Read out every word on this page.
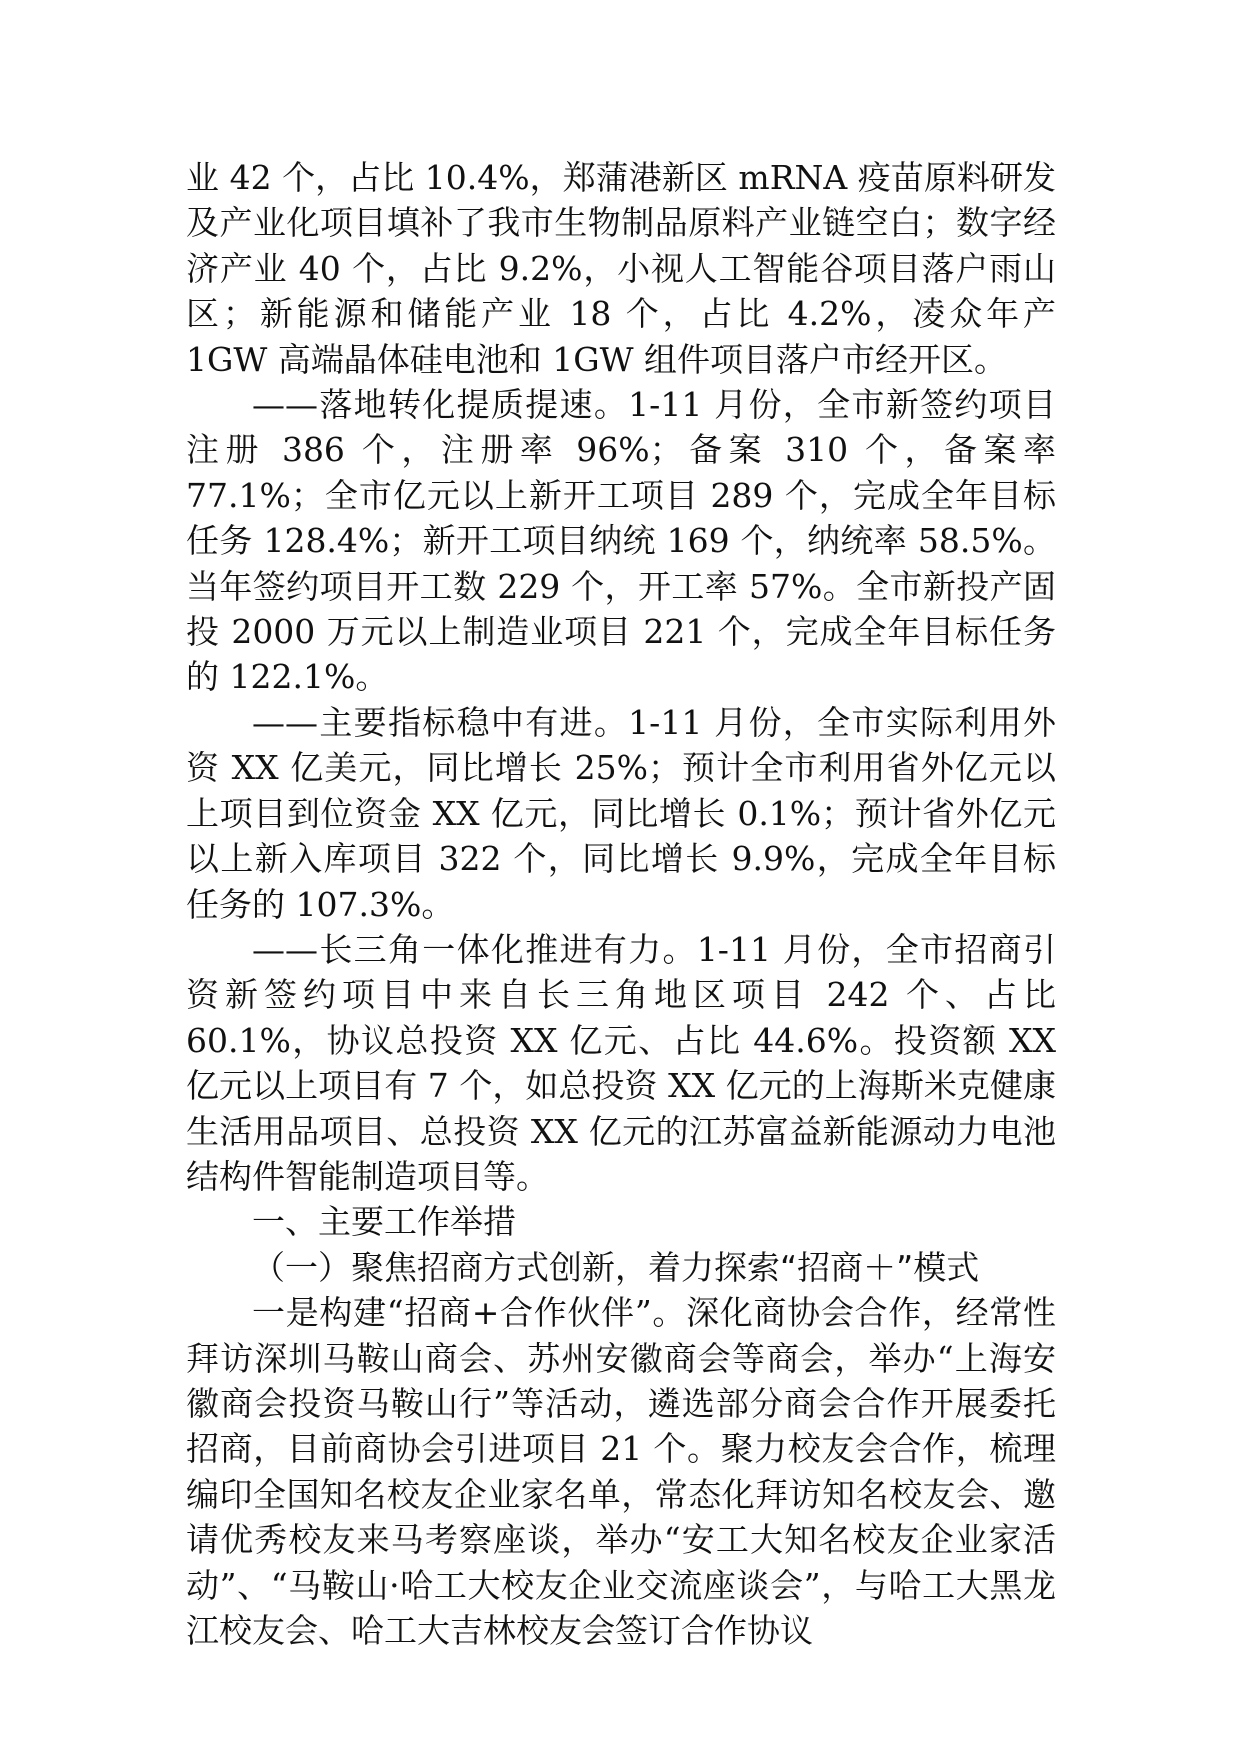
业 42 个，占比 10.4%，郑蒲港新区 mRNA 疫苗原料研发及产业化项目填补了我市生物制品原料产业链空白；数字经济产业 40 个，占比 9.2%，小视人工智能谷项目落户雨山区；新能源和储能产业 18 个，占比 4.2%，凌众年产 1GW 高端晶体硅电池和 1GW 组件项目落户市经开区。

——落地转化提质提速。1-11 月份，全市新签约项目注册 386 个，注册率 96%；备案 310 个，备案率 77.1%；全市亿元以上新开工项目 289 个，完成全年目标任务 128.4%；新开工项目纳统 169 个，纳统率 58.5%。当年签约项目开工数 229 个，开工率 57%。全市新投产固投 2000 万元以上制造业项目 221 个，完成全年目标任务的 122.1%。

——主要指标稳中有进。1-11 月份，全市实际利用外资 XX 亿美元，同比增长 25%；预计全市利用省外亿元以上项目到位资金 XX 亿元，同比增长 0.1%；预计省外亿元以上新入库项目 322 个，同比增长 9.9%，完成全年目标任务的 107.3%。

——长三角一体化推进有力。1-11 月份，全市招商引资新签约项目中来自长三角地区项目 242 个、占比 60.1%，协议总投资 XX 亿元、占比 44.6%。投资额 XX 亿元以上项目有 7 个，如总投资 XX 亿元的上海斯米克健康生活用品项目、总投资 XX 亿元的江苏富益新能源动力电池结构件智能制造项目等。

一、主要工作举措

（一）聚焦招商方式创新，着力探索“招商＋”模式

一是构建“招商+合作伙伴”。深化商协会合作，经常性拜访深圳马鞍山商会、苏州安徽商会等商会，举办“上海安徽商会投资马鞍山行”等活动，遴选部分商会合作开展委托招商，目前商协会引进项目 21 个。聚力校友会合作，梳理编印全国知名校友企业家名单，常态化拜访知名校友会、邀请优秀校友来马考察座谈，举办“安工大知名校友企业家活动”、“马鞍山·哈工大校友企业交流座谈会”，与哈工大黑龙江校友会、哈工大吉林校友会签订合作协议
